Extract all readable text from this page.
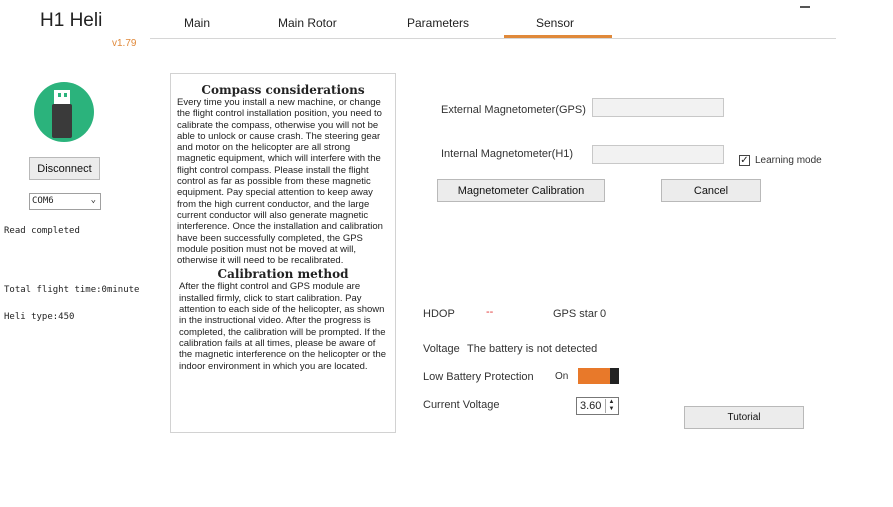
H1 Heli
v1.79
Main	Main Rotor	Parameters	Sensor
Disconnect
COM6	⌄
Read completed
Total flight time:0minute
Heli type:450
Compass considerations

Every time you install a new machine, or change the flight control installation position, you need to calibrate the compass, otherwise you will not be able to unlock or cause crash. The steering gear and motor on the helicopter are all strong magnetic equipment, which will interfere with the flight control compass. Please install the flight control as far as possible from these magnetic equipment. Pay special attention to keep away from the high current conductor, and the large current conductor will also generate magnetic interference. Once the installation and calibration have been successfully completed, the GPS module position must not be moved at will, otherwise it will need to be recalibrated.

Calibration method

After the flight control and GPS module are installed firmly, click to start calibration. Pay attention to each side of the helicopter, as shown in the instructional video. After the progress is completed, the calibration will be prompted. If the calibration fails at all times, please be aware of the magnetic interference on the helicopter or the indoor environment in which you are located.

External Magnetometer(GPS)
Internal Magnetometer(H1)
✓ Learning mode
Magnetometer Calibration	Cancel
HDOP	--	GPS star 0
Voltage The battery is not detected
Low Battery Protection On
Current Voltage	3.60	▲
▼
Tutorial
